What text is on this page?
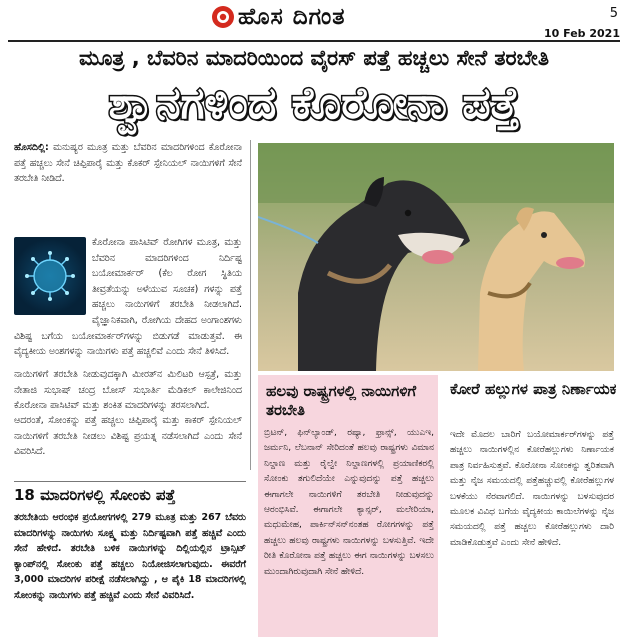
ಹೊಸ ದಿಗಂತ	5
10 Feb 2021
ಮೂತ್ರ , ಬೆವರಿನ ಮಾದರಿಯಿಂದ ವೈರಸ್ ಪತ್ತೆ ಹಚ್ಚಲು ಸೇನೆ ತರಬೇತಿ
ಶ್ವಾನಗಳಿಂದ ಕೊರೋನಾ ಪತ್ತೆ
ಹೊಸದಿಲ್ಲಿ: ಮನುಷ್ಯರ ಮೂತ್ರ ಮತ್ತು ಬೆವರಿನ ಮಾದರಿಗಳಿಂದ ಕೊರೋನಾ ಪತ್ತೆ ಹಚ್ಚಲು ಸೇನೆ ಚಿಪ್ಪಿಪಾರೈ ಮತ್ತು ಕೊಕರ್ ಸ್ಪೇನಿಯಲ್ ನಾಯಿಗಳಿಗೆ ಸೇನೆ ತರಬೇತಿ ನೀಡಿದೆ.
ಕೊರೋನಾ ಪಾಸಿಟಿವ್ ರೋಗಿಗಳ ಮೂತ್ರ, ಮತ್ತು ಬೆವರಿನ ಮಾದರಿಗಳಿಂದ ನಿರ್ದಿಷ್ಟ ಬಯೋಮಾರ್ಕರ್‌ (ಕೆಲ ರೋಗ ಸ್ಥಿತಿಯ ತೀವ್ರತೆಯನ್ನು ಅಳೆಯುವ ಸೂಚಕ) ಗಳನ್ನು ಪತ್ತೆ ಹಚ್ಚಲು ನಾಯಿಗಳಿಗೆ ತರಬೇತಿ ನೀಡಲಾಗಿದೆ. ವೈಜ್ಞಾನಿಕವಾಗಿ, ರೋಗಿಯ ದೇಹದ ಅಂಗಾಂಶಗಳು ವಿಶಿಷ್ಟ ಬಗೆಯ ಬಯೋಮಾರ್ಕರ್‌ಗಳನ್ನು ಬಿಡುಗಡೆ ಮಾಡುತ್ತವೆ. ಈ ವೈದ್ಯಕೀಯ ಅಂಶಗಳನ್ನು ನಾಯಿಗಳು ಪತ್ತೆ ಹಚ್ಚಲಿವೆ ಎಂದು ಸೇನೆ ತಿಳಿಸಿದೆ.
ನಾಯಿಗಳಿಗೆ ತರಬೇತಿ ನೀಡುವುದಕ್ಕಾಗಿ ಮೀರತ್‌ನ ಮಿಲಿಟರಿ ಆಸ್ಪತ್ರೆ, ಮತ್ತು ನೇತಾಜಿ ಸುಭಾಷ್ ಚಂದ್ರ ಬೋಸ್ ಸುಭಾರ್ತಿ ಮೆಡಿಕಲ್ ಕಾಲೇಜಿನಿಂದ ಕೊರೋನಾ ಪಾಸಿಟಿವ್ ಮತ್ತು ಶಂಕಿತ ಮಾದರಿಗಳನ್ನು ತರಸಲಾಗಿದೆ.
ಆದರಂತೆ, ಸೋಂಕನ್ನು ಪತ್ತೆ ಹಚ್ಚಲು ಚಿಪ್ಪಿಪಾರೈ ಮತ್ತು ಕಾಕರ್ ಸ್ಪೇನಿಯಲ್ ನಾಯಿಗಳಿಗೆ ತರಬೇತಿ ನೀಡಲು ವಿಶಿಷ್ಟ ಪ್ರಯತ್ನ ನಡೆಸಲಾಗಿದೆ ಎಂದು ಸೇನೆ ವಿವರಿಸಿದೆ.
18 ಮಾದರಿಗಳಲ್ಲಿ ಸೋಂಕು ಪತ್ತೆ
ತರಬೇತಿಯ ಆರಂಭಿಕ ಪ್ರಯೋಗಗಳಲ್ಲಿ 279 ಮೂತ್ರ ಮತ್ತು 267 ಬೆವರು ಮಾದರಿಗಳನ್ನು ನಾಯಿಗಳು ಸೂಕ್ಷ್ಮ ಮತ್ತು ನಿರ್ದಿಷ್ಟವಾಗಿ ಪತ್ತೆ ಹಚ್ಚಿವೆ ಎಂದು ಸೇನೆ ಹೇಳಿದೆ. ತರಬೇತಿ ಬಳಿಕ ನಾಯಿಗಳನ್ನು ದಿಲ್ಲಿಯಲ್ಲಿನ ಟ್ರಾನ್ಸಿಟ್ ಕ್ಯಾಂಪ್‌ನಲ್ಲಿ ಸೋಂಕು ಪತ್ತೆ ಹಚ್ಚಲು ನಿಯೋಜಿಸಲಾಗುವುದು. ಈವರೆಗೆ 3,000 ಮಾದರಿಗಳ ಪರೀಕ್ಷೆ ನಡೆಸಲಾಗಿದ್ದು , ಆ ಪೈಕಿ 18 ಮಾದರಿಗಳಲ್ಲಿ ಸೋಂಕನ್ನು ನಾಯಿಗಳು ಪತ್ತೆ ಹಚ್ಚಿವೆ ಎಂದು ಸೇನೆ ವಿವರಿಸಿದೆ.
ಹಲವು ರಾಷ್ಟ್ರಗಳಲ್ಲಿ ನಾಯಿಗಳಿಗೆ ತರಬೇತಿ
ಬ್ರಿಟನ್, ಫಿನ್‌ಲ್ಯಾಂಡ್, ರಷ್ಯಾ, ಫ್ರಾನ್ಸ್, ಯುಎಇ, ಜರ್ಮನಿ, ಲೆಬನಾನ್ ಸೇರಿದಂತೆ ಹಲವು ರಾಷ್ಟ್ರಗಳು ವಿಮಾನ ನಿಲ್ದಾಣ ಮತ್ತು ರೈಲ್ವೇ ನಿಲ್ದಾಣಗಳಲ್ಲಿ ಪ್ರಯಾಣಿಕರಲ್ಲಿ ಸೋಂಕು ತಗುಲಿದೆಯೇ ಎನ್ನುವುದನ್ನು ಪತ್ತೆ ಹಚ್ಚಲು ಈಗಾಗಲೇ ನಾಯಿಗಳಿಗೆ ತರಬೇತಿ ನೀಡುವುದನ್ನು ಆರಂಭಿಸಿವೆ. ಈಗಾಗಲೇ ಕ್ಯಾನ್ಸರ್, ಮಲೇರಿಯಾ, ಮಧುಮೇಹ, ಪಾರ್ಕಿನ್‌ಸನ್‌ನಂತಹ ರೋಗಗಳನ್ನು ಪತ್ತೆ ಹಚ್ಚಲು ಹಲವು ರಾಷ್ಟ್ರಗಳು ನಾಯಿಗಳನ್ನು ಬಳಸುತ್ತಿವೆ. ಇದೇ ರೀತಿ ಕೊರೋನಾ ಪತ್ತೆ ಹಚ್ಚಲು ಈಗ ನಾಯಿಗಳನ್ನು ಬಳಸಲು ಮುಂದಾಗಿರುವುದಾಗಿ ಸೇನೆ ಹೇಳಿದೆ.
ಕೋರೆ ಹಲ್ಲುಗಳ ಪಾತ್ರ ನಿರ್ಣಾಯಕ
ಇದೇ ಮೊದಲ ಬಾರಿಗೆ ಬಯೋಮಾರ್ಕರ್‌ಗಳನ್ನು ಪತ್ತೆ ಹಚ್ಚಲು ನಾಯಿಗಳಲ್ಲಿನ ಕೋರೆಹಲ್ಲುಗಳು ನಿರ್ಣಾಯಕ ಪಾತ್ರ ನಿರ್ವಹಿಸುತ್ತವೆ. ಕೊರೋನಾ ಸೋಂಕನ್ನು ತ್ವರಿತವಾಗಿ ಮತ್ತು ನೈಜ ಸಮಯದಲ್ಲಿ ಪತ್ತೆಹಚ್ಚುವಲ್ಲಿ ಕೋರೆಹಲ್ಲುಗಳ ಬಳಕೆಯು ನೆರವಾಗಲಿದೆ. ನಾಯಿಗಳನ್ನು ಬಳಸುವುದರ ಮೂಲಕ ವಿವಿಧ ಬಗೆಯ ವೈದ್ಯಕೀಯ ಕಾಯಿಲೆಗಳನ್ನು ನೈಜ ಸಮಯದಲ್ಲಿ ಪತ್ತೆ ಹಚ್ಚಲು ಕೋರೆಹಲ್ಲುಗಳು ದಾರಿ ಮಾಡಿಕೊಡುತ್ತವೆ ಎಂದು ಸೇನೆ ಹೇಳಿದೆ.
